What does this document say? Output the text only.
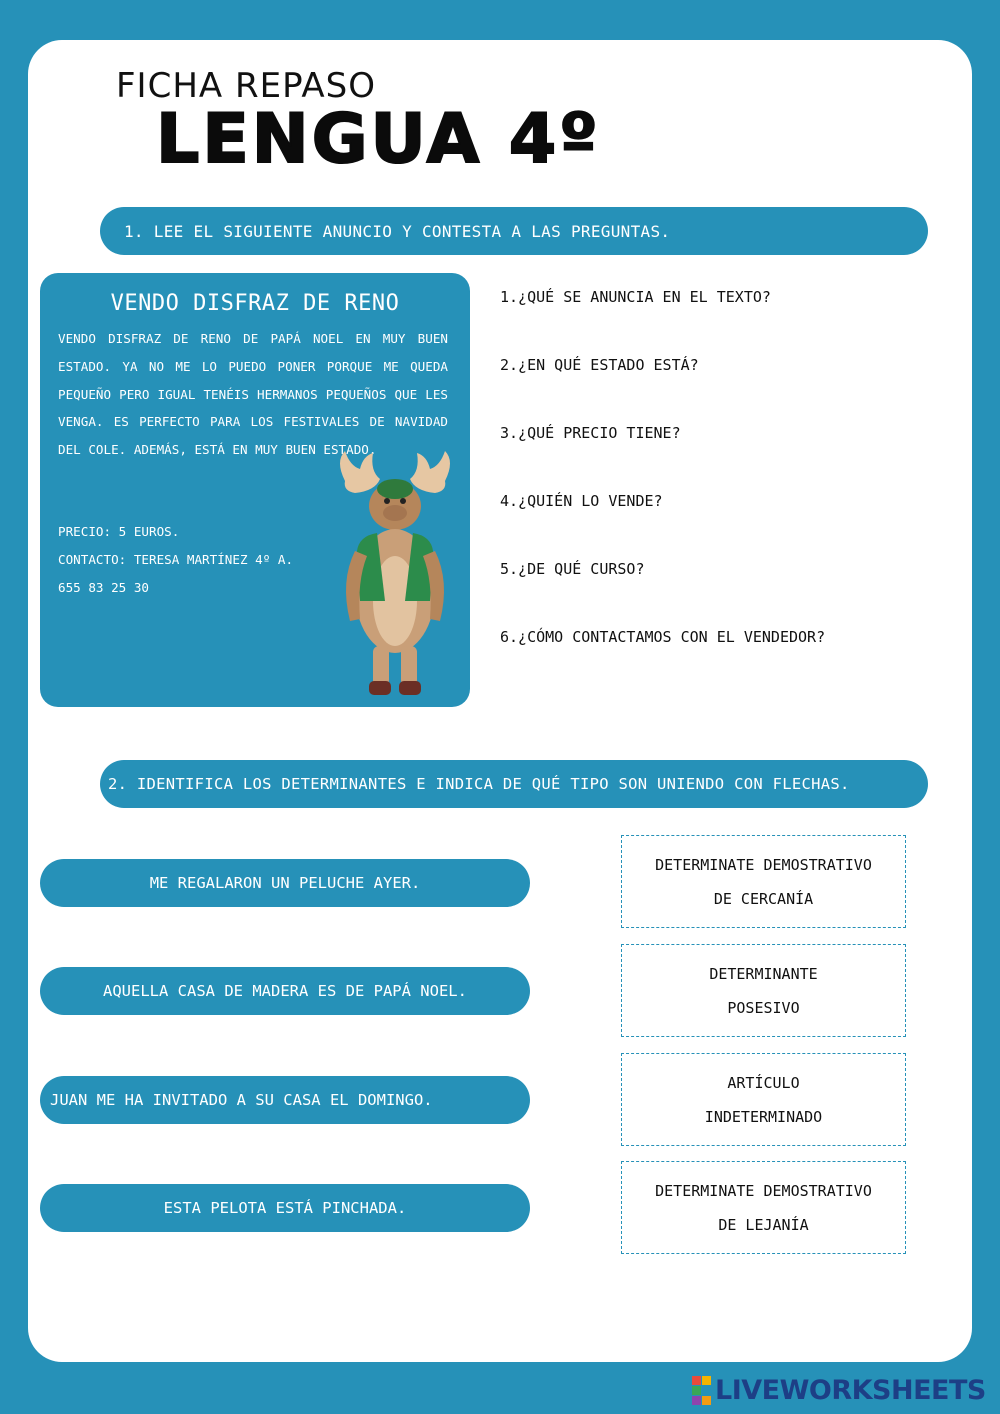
FICHA REPASO
LENGUA 4º
1. LEE EL SIGUIENTE ANUNCIO Y CONTESTA A LAS PREGUNTAS.
VENDO DISFRAZ DE RENO
VENDO DISFRAZ DE RENO DE PAPÁ NOEL EN MUY BUEN ESTADO. YA NO ME LO PUEDO PONER PORQUE ME QUEDA PEQUEÑO PERO IGUAL TENÉIS HERMANOS PEQUEÑOS QUE LES VENGA. ES PERFECTO PARA LOS FESTIVALES DE NAVIDAD DEL COLE. ADEMÁS, ESTÁ EN MUY BUEN ESTADO.
PRECIO: 5 EUROS.
CONTACTO: TERESA MARTÍNEZ 4º A.
655 83 25 30
1.¿QUÉ SE ANUNCIA EN EL TEXTO?
2.¿EN QUÉ ESTADO ESTÁ?
3.¿QUÉ PRECIO TIENE?
4.¿QUIÉN LO VENDE?
5.¿DE QUÉ CURSO?
6.¿CÓMO CONTACTAMOS CON EL VENDEDOR?
2. IDENTIFICA LOS DETERMINANTES E INDICA DE QUÉ TIPO SON UNIENDO CON FLECHAS.
ME REGALARON UN PELUCHE AYER.
AQUELLA CASA DE MADERA ES DE PAPÁ NOEL.
JUAN ME HA INVITADO A SU CASA EL DOMINGO.
ESTA PELOTA ESTÁ PINCHADA.
DETERMINATE DEMOSTRATIVO
DE CERCANÍA
DETERMINANTE
POSESIVO
ARTÍCULO
INDETERMINADO
DETERMINATE DEMOSTRATIVO
DE LEJANÍA
LIVEWORKSHEETS
